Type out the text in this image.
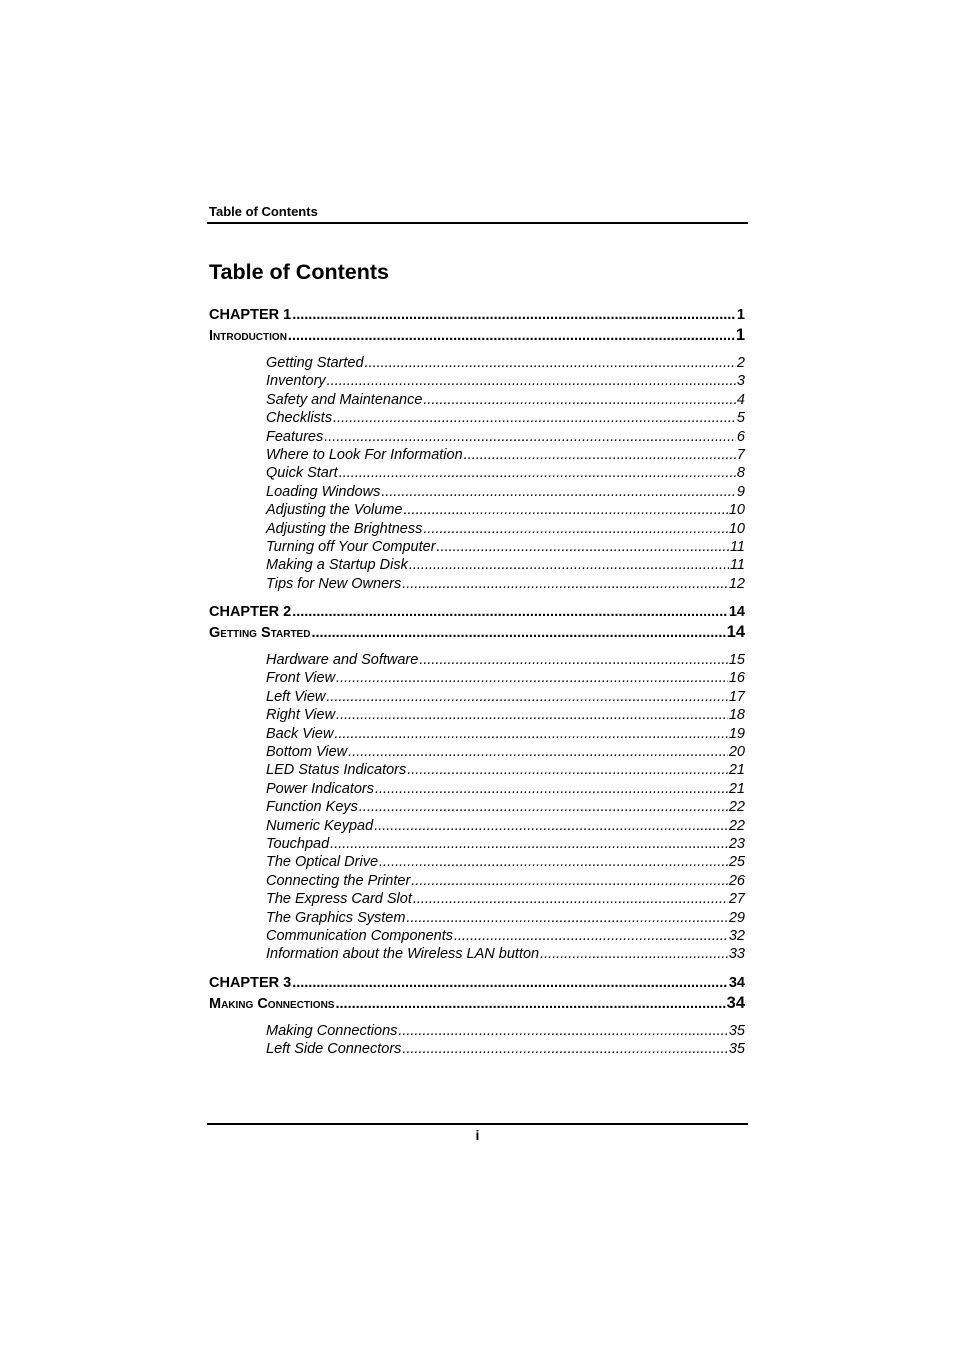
Table of Contents
Table of Contents
CHAPTER 1 .....	1
Introduction .....	1
Getting Started .....	2
Inventory .....	3
Safety and Maintenance .....	4
Checklists .....	5
Features .....	6
Where to Look For Information .....	7
Quick Start .....	8
Loading Windows .....	9
Adjusting the Volume .....	10
Adjusting the Brightness .....	10
Turning off Your Computer .....	11
Making a Startup Disk .....	11
Tips for New Owners .....	12
CHAPTER 2 .....	14
Getting Started .....	14
Hardware and Software .....	15
Front View .....	16
Left View .....	17
Right View .....	18
Back View .....	19
Bottom View .....	20
LED Status Indicators .....	21
Power Indicators .....	21
Function Keys .....	22
Numeric Keypad .....	22
Touchpad .....	23
The Optical Drive .....	25
Connecting the Printer .....	26
The Express Card Slot .....	27
The Graphics System .....	29
Communication Components .....	32
Information about the Wireless LAN button .....	33
CHAPTER 3 .....	34
Making Connections .....	34
Making Connections .....	35
Left Side Connectors .....	35
i
